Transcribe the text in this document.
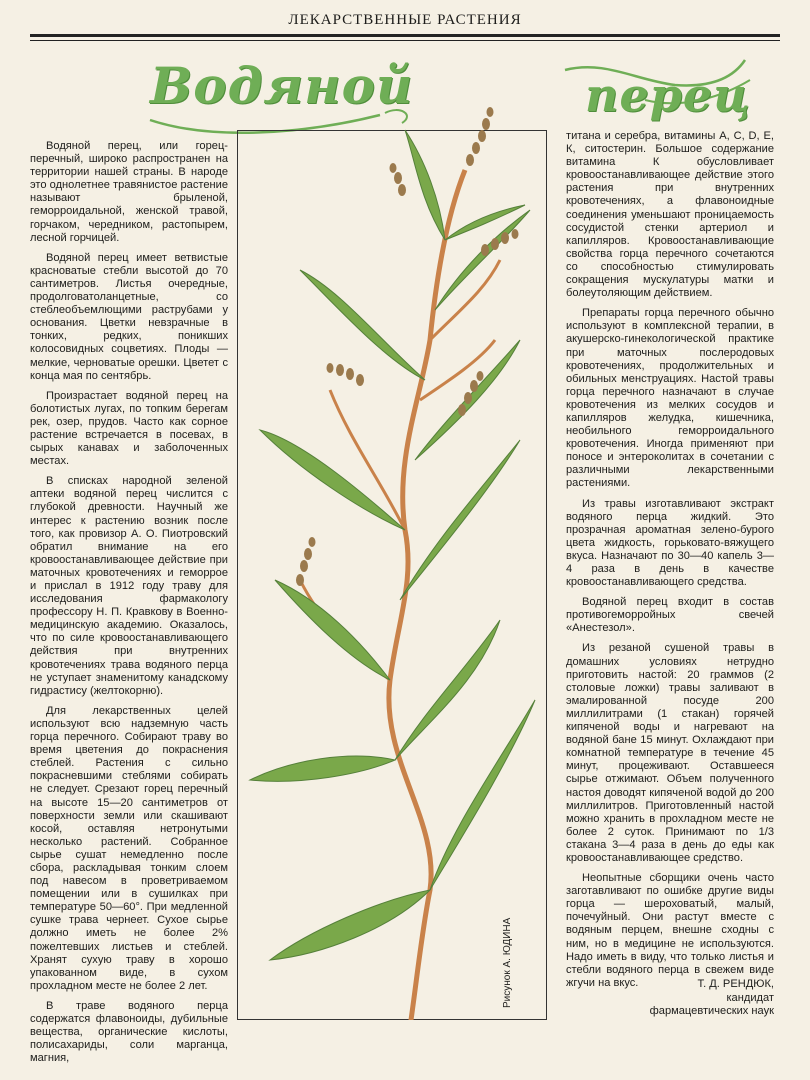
ЛЕКАРСТВЕННЫЕ РАСТЕНИЯ
Водяной	перец

Водяной перец, или горец-перечный, широко распространен на территории нашей страны. В народе это однолетнее травянистое растение называют брыленой, геморроидальной, женской травой, горчаком, чередником, растопырем, лесной горчицей.

Водяной перец имеет ветвистые красноватые стебли высотой до 70 сантиметров. Листья очередные, продолговатоланцетные, со стеблеобъемлющими раструбами у основания. Цветки невзрачные в тонких, редких, поникших колосовидных соцветиях. Плоды — мелкие, черноватые орешки. Цветет с конца мая по сентябрь.

Произрастает водяной перец на болотистых лугах, по топким берегам рек, озер, прудов. Часто как сорное растение встречается в посевах, в сырых канавах и заболоченных местах.

В списках народной зеленой аптеки водяной перец числится с глубокой древности. Научный же интерес к растению возник после того, как провизор А. О. Пиотровский обратил внимание на его кровоостанавливающее действие при маточных кровотечениях и геморрое и прислал в 1912 году траву для исследования фармакологу профессору Н. П. Кравкову в Военно-медицинскую академию. Оказалось, что по силе кровоостанавливающего действия при внутренних кровотечениях трава водяного перца не уступает знаменитому канадскому гидрастису (желтокорню).

Для лекарственных целей используют всю надземную часть горца перечного. Собирают траву во время цветения до покраснения стеблей. Растения с сильно покрасневшими стеблями собирать не следует. Срезают горец перечный на высоте 15—20 сантиметров от поверхности земли или скашивают косой, оставляя нетронутыми несколько растений. Собранное сырье сушат немедленно после сбора, раскладывая тонким слоем под навесом в проветриваемом помещении или в сушилках при температуре 50—60°. При медленной сушке трава чернеет. Сухое сырье должно иметь не более 2% пожелтевших листьев и стеблей. Хранят сухую траву в хорошо упакованном виде, в сухом прохладном месте не более 2 лет.

В траве водяного перца содержатся флавоноиды, дубильные вещества, органические кислоты, полисахариды, соли марганца, магния,

Рисунок А. ЮДИНА

титана и серебра, витамины А, С, D, Е, К, ситостерин. Большое содержание витамина К обусловливает кровоостанавливающее действие этого растения при внутренних кровотечениях, а флавоноидные соединения уменьшают проницаемость сосудистой стенки артериол и капилляров. Кровоостанавливающие свойства горца перечного сочетаются со способностью стимулировать сокращения мускулатуры матки и болеутоляющим действием.

Препараты горца перечного обычно используют в комплексной терапии, в акушерско-гинекологической практике при маточных послеродовых кровотечениях, продолжительных и обильных менструациях. Настой травы горца перечного назначают в случае кровотечения из мелких сосудов и капилляров желудка, кишечника, необильного геморроидального кровотечения. Иногда применяют при поносе и энтероколитах в сочетании с различными лекарственными растениями.

Из травы изготавливают экстракт водяного перца жидкий. Это прозрачная ароматная зелено-бурого цвета жидкость, горьковато-вяжущего вкуса. Назначают по 30—40 капель 3—4 раза в день в качестве кровоостанавливающего средства.

Водяной перец входит в состав противогеморройных свечей «Анестезол».

Из резаной сушеной травы в домашних условиях нетрудно приготовить настой: 20 граммов (2 столовые ложки) травы заливают в эмалированной посуде 200 миллилитрами (1 стакан) горячей кипяченой воды и нагревают на водяной бане 15 минут. Охлаждают при комнатной температуре в течение 45 минут, процеживают. Оставшееся сырье отжимают. Объем полученного настоя доводят кипяченой водой до 200 миллилитров. Приготовленный настой можно хранить в прохладном месте не более 2 суток. Принимают по 1/3 стакана 3—4 раза в день до еды как кровоостанавливающее средство.

Неопытные сборщики очень часто заготавливают по ошибке другие виды горца — шероховатый, малый, почечуйный. Они растут вместе с водяным перцем, внешне сходны с ним, но в медицине не используются. Надо иметь в виду, что только листья и стебли водяного перца в свежем виде жгучи на вкус.	Т. Д. РЕНДЮК,
кандидат
фармацевтических наук
